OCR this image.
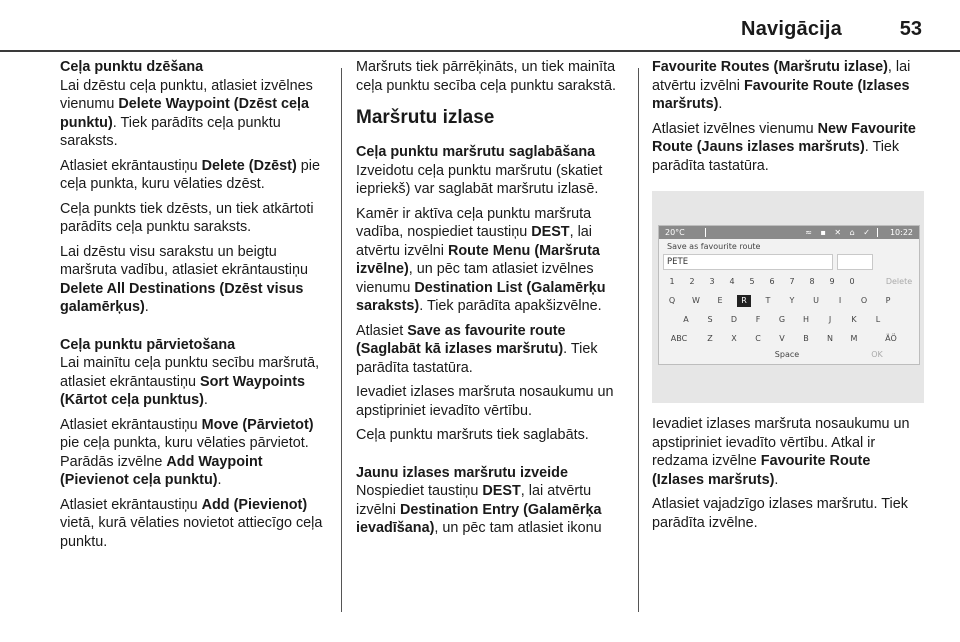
Navigācija	53

Ceļa punktu dzēšana

Lai dzēstu ceļa punktu, atlasiet izvēlnes vienumu Delete Waypoint (Dzēst ceļa punktu). Tiek parādīts ceļa punktu saraksts.

Atlasiet ekrāntaustiņu Delete (Dzēst) pie ceļa punkta, kuru vēlaties dzēst.

Ceļa punkts tiek dzēsts, un tiek atkārtoti parādīts ceļa punktu saraksts.

Lai dzēstu visu sarakstu un beigtu maršruta vadību, atlasiet ekrāntaustiņu Delete All Destinations (Dzēst visus galamērķus).

Ceļa punktu pārvietošana

Lai mainītu ceļa punktu secību maršrutā, atlasiet ekrāntaustiņu Sort Waypoints (Kārtot ceļa punktus).

Atlasiet ekrāntaustiņu Move (Pārvietot) pie ceļa punkta, kuru vēlaties pārvietot. Parādās izvēlne Add Waypoint (Pievienot ceļa punktu).

Atlasiet ekrāntaustiņu Add (Pievienot) vietā, kurā vēlaties novietot attiecīgo ceļa punktu.

Maršruts tiek pārrēķināts, un tiek mainīta ceļa punktu secība ceļa punktu sarakstā.

Maršrutu izlase

Ceļa punktu maršrutu saglabāšana

Izveidotu ceļa punktu maršrutu (skatiet iepriekš) var saglabāt maršrutu izlasē.

Kamēr ir aktīva ceļa punktu maršruta vadība, nospiediet taustiņu DEST, lai atvērtu izvēlni Route Menu (Maršruta izvēlne), un pēc tam atlasiet izvēlnes vienumu Destination List (Galamērķu saraksts). Tiek parādīta apakšizvēlne.

Atlasiet Save as favourite route (Saglabāt kā izlases maršrutu). Tiek parādīta tastatūra.

Ievadiet izlases maršruta nosaukumu un apstipriniet ievadīto vērtību.

Ceļa punktu maršruts tiek saglabāts.

Jaunu izlases maršrutu izveide

Nospiediet taustiņu DEST, lai atvērtu izvēlni Destination Entry (Galamērķa ievadīšana), un pēc tam atlasiet ikonu

Favourite Routes (Maršrutu izlase), lai atvērtu izvēlni Favourite Route (Izlases maršruts).

Atlasiet izvēlnes vienumu New Favourite Route (Jauns izlases maršruts). Tiek parādīta tastatūra.

20°C	≈ ▪ ✕ ⌂ ✓ 10:22
Save as favourite route
PETE
1	2	3	4	5	6	7	8	9	0	Delete
Q	W	E	R	T	Y	U	I	O	P
A	S	D	F	G	H	J	K	L
ABC	Z	X	C	V	B	N	M	ÄÖ
Space	OK

Ievadiet izlases maršruta nosaukumu un apstipriniet ievadīto vērtību. Atkal ir redzama izvēlne Favourite Route (Izlases maršruts).

Atlasiet vajadzīgo izlases maršrutu. Tiek parādīta izvēlne.
